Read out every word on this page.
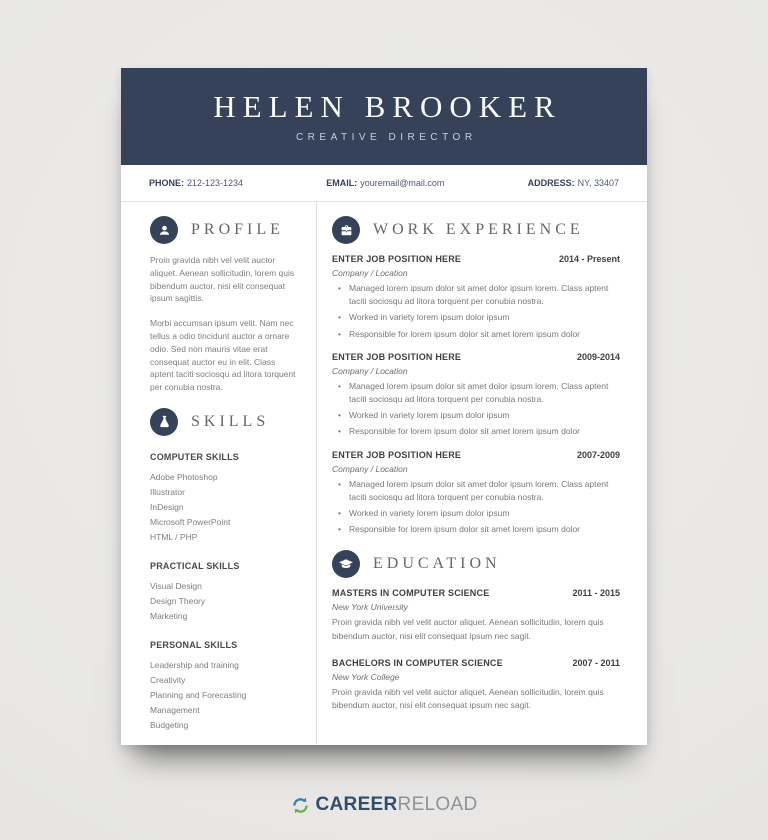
HELEN BROOKER
CREATIVE DIRECTOR
PHONE: 212-123-1234	EMAIL: youremail@mail.com	ADDRESS: NY, 33407
PROFILE

Proin gravida nibh vel velit auctor aliquet. Aenean sollicitudin, lorem quis bibendum auctor, nisi elit consequat ipsum sagittis.

Morbi accumsan ipsum velit. Nam nec tellus a odio tincidunt auctor a ornare odio. Sed non mauris vitae erat consequat auctor eu in elit. Class aptent taciti sociosqu ad litora torquent per conubia nostra.

SKILLS
COMPUTER SKILLS
Adobe Photoshop
Illustrator
InDesign
Microsoft PowerPoint
HTML / PHP
PRACTICAL SKILLS
Visual Design
Design Theory
Marketing
PERSONAL SKILLS
Leadership and training
Creativity
Planning and Forecasting
Management
Budgeting
WORK EXPERIENCE
ENTER JOB POSITION HERE	2014 - Present
Company / Location
• Managed lorem ipsum dolor sit amet dolor ipsum lorem. Class aptent taciti sociosqu ad litora torquent per conubia nostra.
• Worked in variety lorem ipsum dolor ipsum
• Responsible for lorem ipsum dolor sit amet lorem ipsum dolor
ENTER JOB POSITION HERE	2009-2014
Company / Location
• Managed lorem ipsum dolor sit amet dolor ipsum lorem. Class aptent taciti sociosqu ad litora torquent per conubia nostra.
• Worked in variety lorem ipsum dolor ipsum
• Responsible for lorem ipsum dolor sit amet lorem ipsum dolor
ENTER JOB POSITION HERE	2007-2009
Company / Location
• Managed lorem ipsum dolor sit amet dolor ipsum lorem. Class aptent taciti sociosqu ad litora torquent per conubia nostra.
• Worked in variety lorem ipsum dolor ipsum
• Responsible for lorem ipsum dolor sit amet lorem ipsum dolor
EDUCATION
MASTERS IN COMPUTER SCIENCE	2011 - 2015
New York University

Proin gravida nibh vel velit auctor aliquet. Aenean sollicitudin, lorem quis bibendum auctor, nisi elit consequat ipsum nec sagit.

BACHELORS IN COMPUTER SCIENCE	2007 - 2011
New York College

Proin gravida nibh vel velit auctor aliquet. Aenean sollicitudin, lorem quis bibendum auctor, nisi elit consequat ipsum nec sagit.

CAREER RELOAD
